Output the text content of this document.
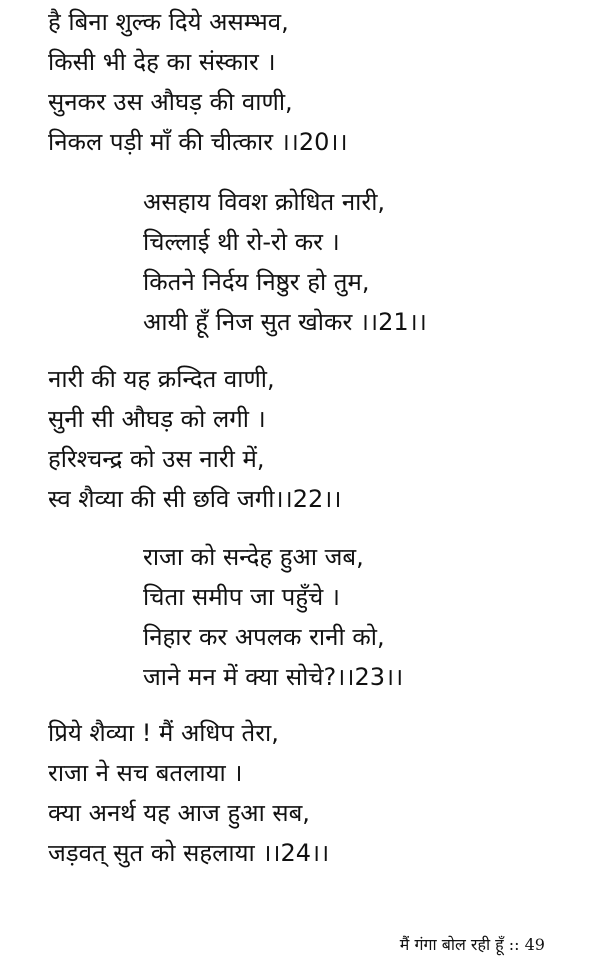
है बिना शुल्क दिये असम्भव,
किसी भी देह का संस्कार ।
सुनकर उस औघड़ की वाणी,
निकल पड़ी माँ की चीत्कार ।।20।।
असहाय विवश क्रोधित नारी,
चिल्लाई थी रो-रो कर ।
कितने निर्दय निष्ठुर हो तुम,
आयी हूँ निज सुत खोकर ।।21।।
नारी की यह क्रन्दित वाणी,
सुनी सी औघड़ को लगी ।
हरिश्चन्द्र को उस नारी में,
स्व शैव्या की सी छवि जगी।।22।।
राजा को सन्देह हुआ जब,
चिता समीप जा पहुँचे ।
निहार कर अपलक रानी को,
जाने मन में क्या सोचे?।।23।।
प्रिये शैव्या ! मैं अधिप तेरा,
राजा ने सच बतलाया ।
क्या अनर्थ यह आज हुआ सब,
जड़वत् सुत को सहलाया ।।24।।
मैं गंगा बोल रही हूँ :: 49
